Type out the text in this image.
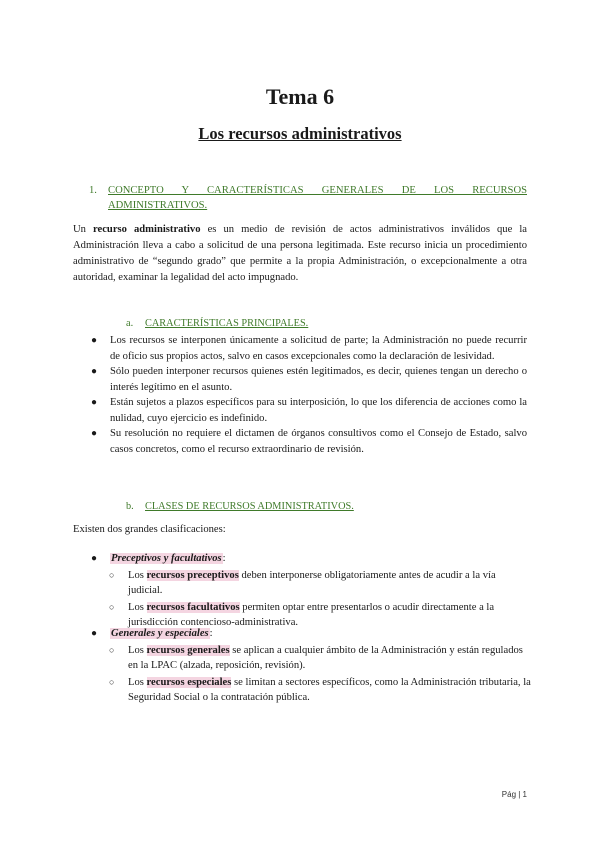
Tema 6
Los recursos administrativos
1. CONCEPTO Y CARACTERÍSTICAS GENERALES DE LOS RECURSOS
ADMINISTRATIVOS.

Un recurso administrativo es un medio de revisión de actos administrativos inválidos que la Administración lleva a cabo a solicitud de una persona legitimada. Este recurso inicia un procedimiento administrativo de “segundo grado” que permite a la propia Administración, o excepcionalmente a otra autoridad, examinar la legalidad del acto impugnado.

a. CARACTERÍSTICAS PRINCIPALES.
● Los recursos se interponen únicamente a solicitud de parte; la Administración no puede recurrir de oficio sus propios actos, salvo en casos excepcionales como la declaración de lesividad.
● Sólo pueden interponer recursos quienes estén legitimados, es decir, quienes tengan un derecho o interés legítimo en el asunto.
● Están sujetos a plazos específicos para su interposición, lo que los diferencia de acciones como la nulidad, cuyo ejercicio es indefinido.
● Su resolución no requiere el dictamen de órganos consultivos como el Consejo de Estado, salvo casos concretos, como el recurso extraordinario de revisión.
b. CLASES DE RECURSOS ADMINISTRATIVOS.

Existen dos grandes clasificaciones:

● Preceptivos y facultativos:
○ Los recursos preceptivos deben interponerse obligatoriamente antes de acudir a la vía judicial.
○ Los recursos facultativos permiten optar entre presentarlos o acudir directamente a la jurisdicción contencioso-administrativa.
● Generales y especiales:
○ Los recursos generales se aplican a cualquier ámbito de la Administración y están regulados en la LPAC (alzada, reposición, revisión).
○ Los recursos especiales se limitan a sectores específicos, como la Administración tributaria, la Seguridad Social o la contratación pública.
Pág | 1
